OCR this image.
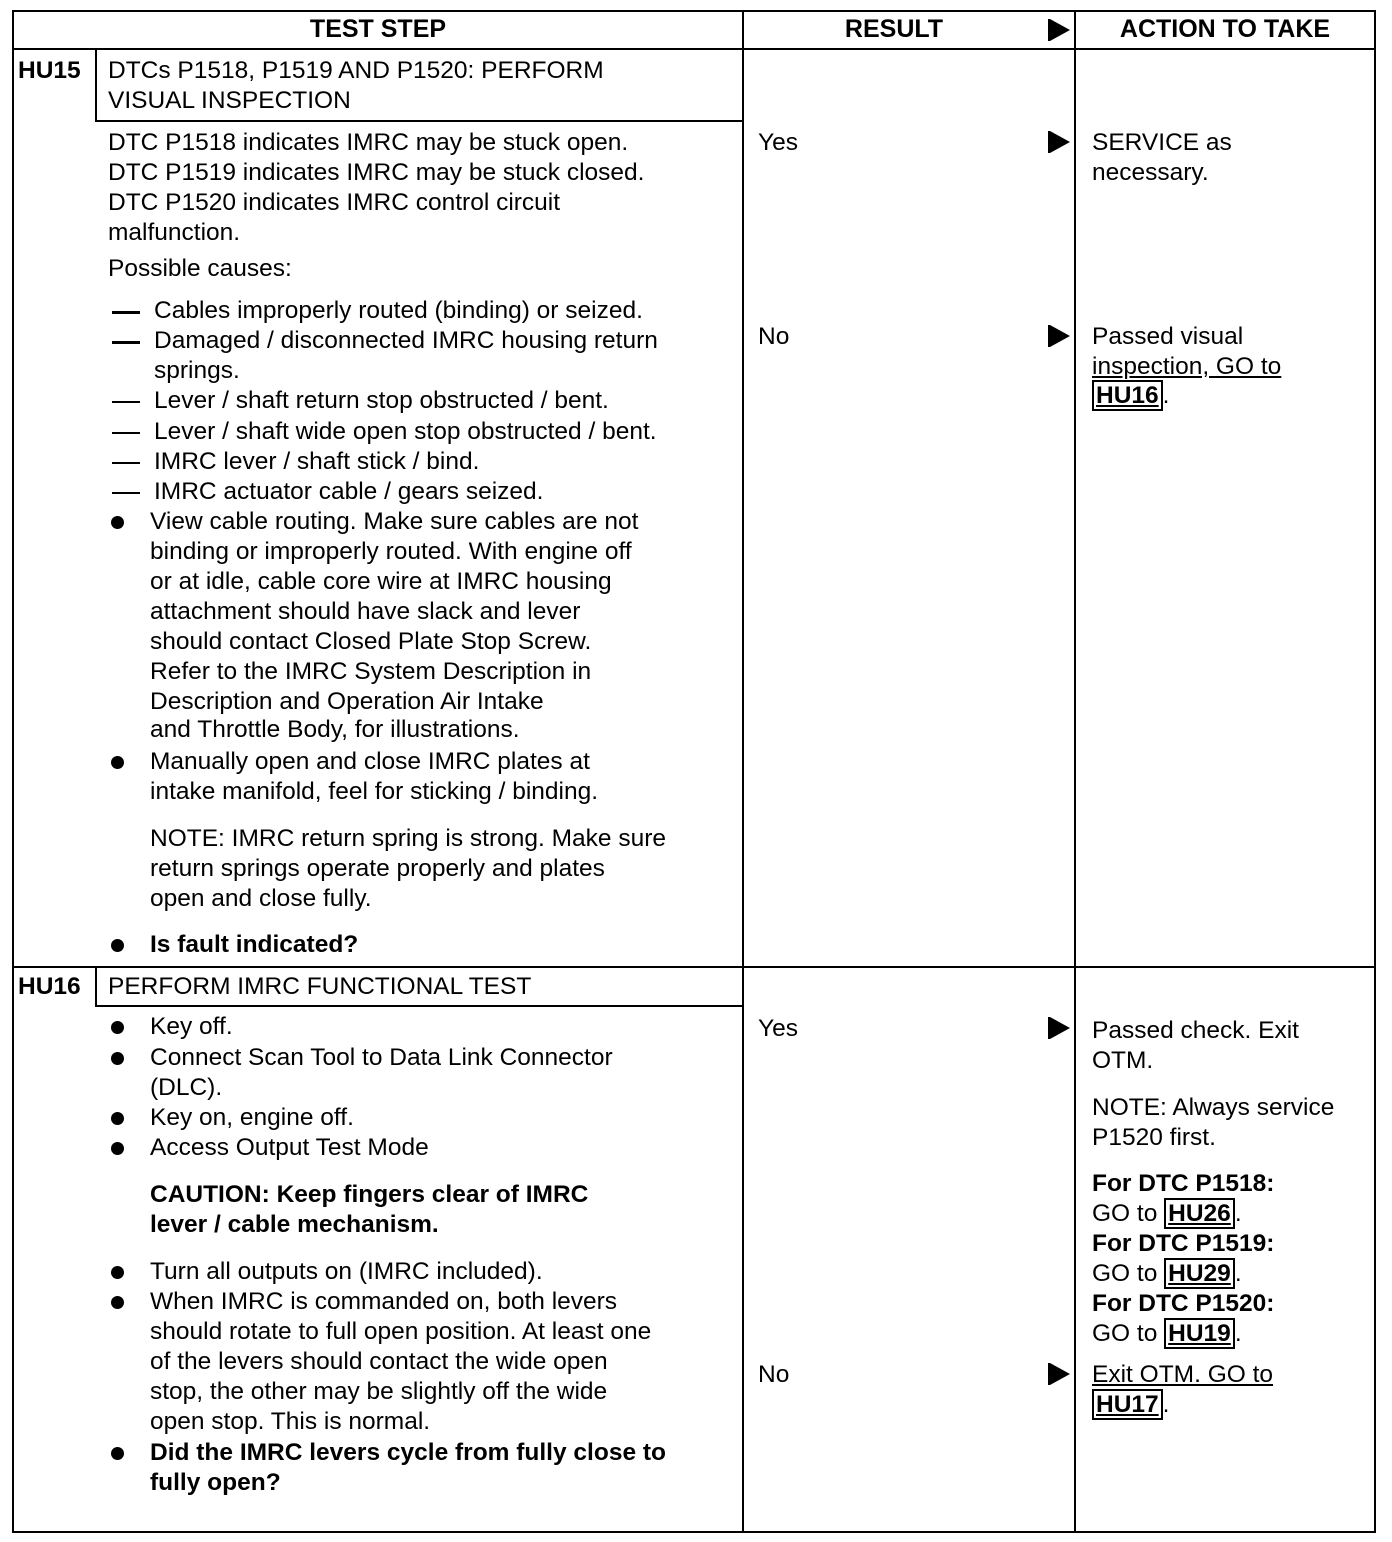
TEST STEP	RESULT	ACTION TO TAKE
HU15 DTCs P1518, P1519 AND P1520: PERFORM
VISUAL INSPECTION
DTC P1518 indicates IMRC may be stuck open.
DTC P1519 indicates IMRC may be stuck closed.
DTC P1520 indicates IMRC control circuit
malfunction.
Possible causes:
Cables improperly routed (binding) or seized.
Damaged / disconnected IMRC housing return
springs.
Lever / shaft return stop obstructed / bent.
Lever / shaft wide open stop obstructed / bent.
IMRC lever / shaft stick / bind.
IMRC actuator cable / gears seized.
View cable routing. Make sure cables are not
binding or improperly routed. With engine off
or at idle, cable core wire at IMRC housing
attachment should have slack and lever
should contact Closed Plate Stop Screw.
Refer to the IMRC System Description in
Description and Operation Air Intake
and Throttle Body, for illustrations.
Manually open and close IMRC plates at
intake manifold, feel for sticking / binding.
NOTE: IMRC return spring is strong. Make sure
return springs operate properly and plates
open and close fully.
Is fault indicated?
Yes
No
SERVICE as
necessary.
Passed visual
inspection, GO to
HU16 .
HU16 PERFORM IMRC FUNCTIONAL TEST
Key off.
Connect Scan Tool to Data Link Connector
(DLC).
Key on, engine off.
Access Output Test Mode
CAUTION: Keep fingers clear of IMRC
lever / cable mechanism.
Turn all outputs on (IMRC included).
When IMRC is commanded on, both levers
should rotate to full open position. At least one
of the levers should contact the wide open
stop, the other may be slightly off the wide
open stop. This is normal.
Did the IMRC levers cycle from fully close to
fully open?
Yes
No
Passed check. Exit
OTM.
NOTE: Always service
P1520 first.
For DTC P1518:
GO to HU26 .
For DTC P1519:
GO to HU29 .
For DTC P1520:
GO to HU19 .
Exit OTM. GO to
HU17 .
